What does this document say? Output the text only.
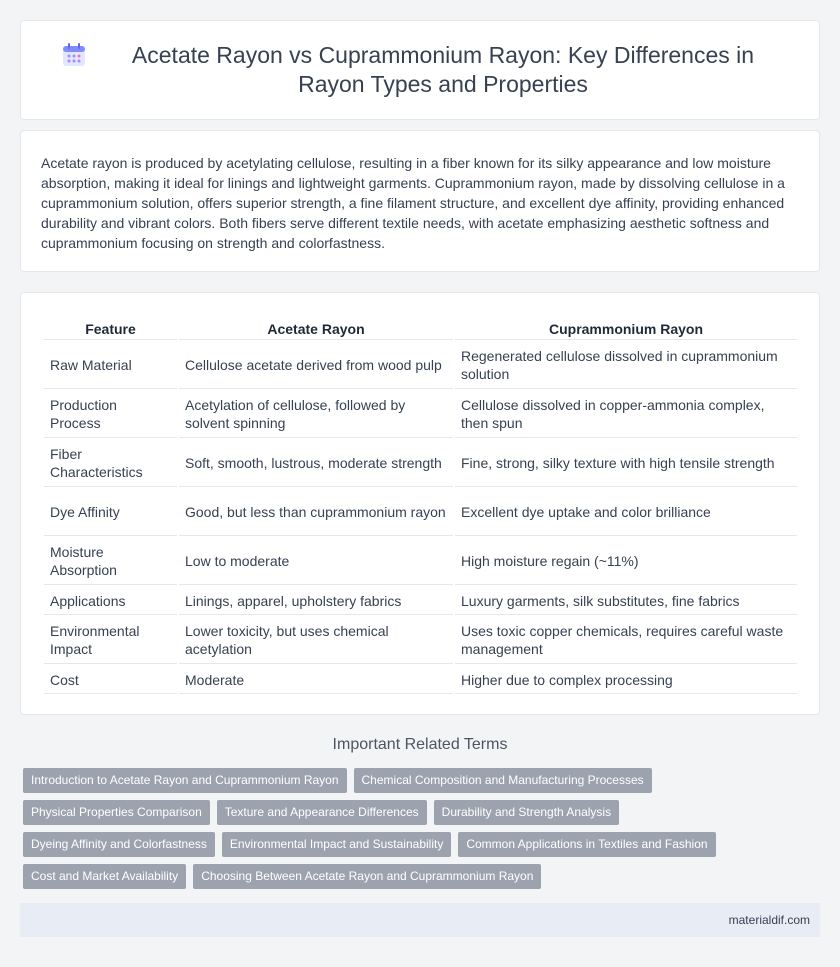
Acetate Rayon vs Cuprammonium Rayon: Key Differences in Rayon Types and Properties

Acetate rayon is produced by acetylating cellulose, resulting in a fiber known for its silky appearance and low moisture absorption, making it ideal for linings and lightweight garments. Cuprammonium rayon, made by dissolving cellulose in a cuprammonium solution, offers superior strength, a fine filament structure, and excellent dye affinity, providing enhanced durability and vibrant colors. Both fibers serve different textile needs, with acetate emphasizing aesthetic softness and cuprammonium focusing on strength and colorfastness.

Feature	Acetate Rayon	Cuprammonium Rayon
Raw Material	Cellulose acetate derived from wood pulp	Regenerated cellulose dissolved in cuprammonium solution
Production Process	Acetylation of cellulose, followed by solvent spinning	Cellulose dissolved in copper-ammonia complex, then spun
Fiber Characteristics	Soft, smooth, lustrous, moderate strength	Fine, strong, silky texture with high tensile strength
Dye Affinity	Good, but less than cuprammonium rayon	Excellent dye uptake and color brilliance
Moisture Absorption	Low to moderate	High moisture regain (~11%)
Applications	Linings, apparel, upholstery fabrics	Luxury garments, silk substitutes, fine fabrics
Environmental Impact	Lower toxicity, but uses chemical acetylation	Uses toxic copper chemicals, requires careful waste management
Cost	Moderate	Higher due to complex processing
Important Related Terms
Introduction to Acetate Rayon and Cuprammonium Rayon	Chemical Composition and Manufacturing Processes
Physical Properties Comparison	Texture and Appearance Differences	Durability and Strength Analysis
Dyeing Affinity and Colorfastness	Environmental Impact and Sustainability	Common Applications in Textiles and Fashion
Cost and Market Availability	Choosing Between Acetate Rayon and Cuprammonium Rayon
materialdif.com
